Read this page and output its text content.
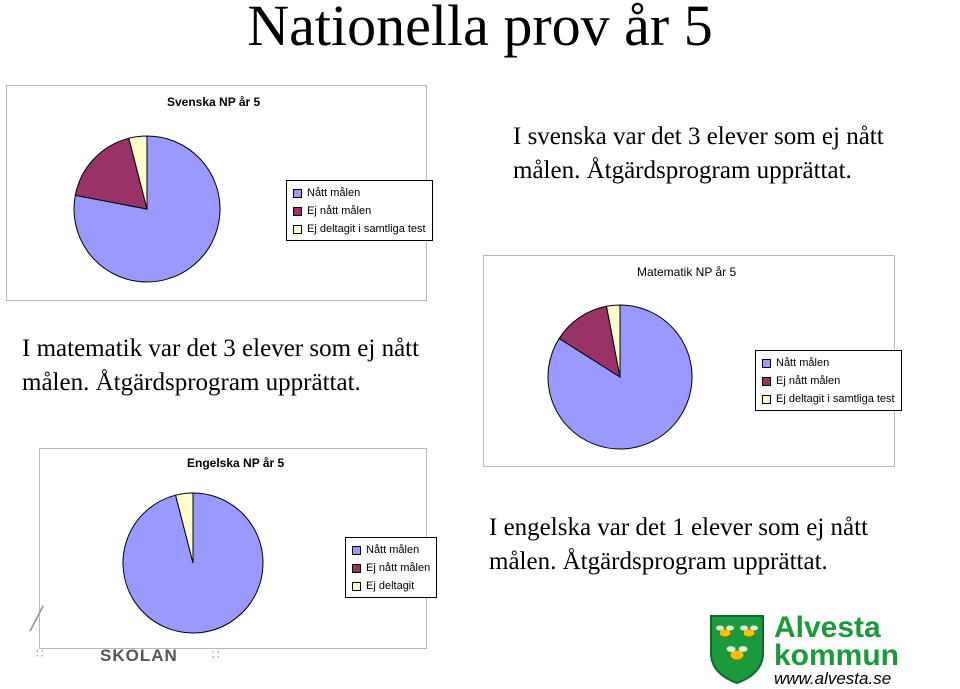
Nationella prov år 5
Svenska NP år 5
Nått målen
Ej nått målen
Ej deltagit i samtliga test
I svenska var det 3 elever som ej nått målen. Åtgärdsprogram upprättat.
Matematik NP år 5
Nått målen
Ej nått målen
Ej deltagit i samtliga test
I matematik var det 3 elever som ej nått målen. Åtgärdsprogram upprättat.
Engelska NP år 5
Nått målen
Ej nått målen
Ej deltagit
I engelska var det 1 elever som ej nått målen. Åtgärdsprogram upprättat.
╱
∷	SKOLAN	∷
Alvesta
kommun
www.alvesta.se
